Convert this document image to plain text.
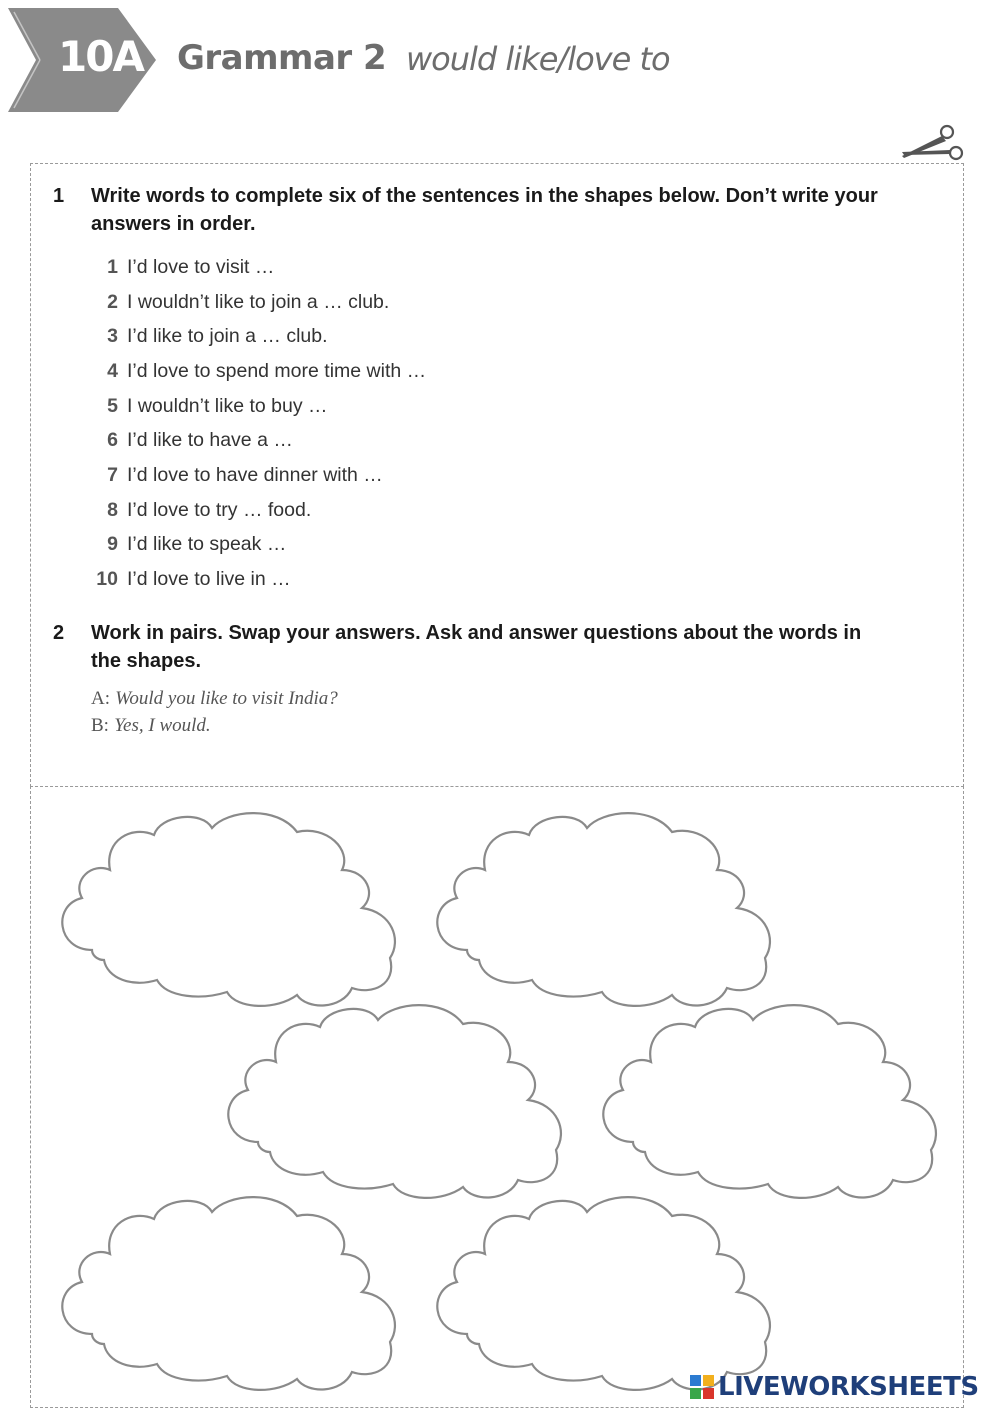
10A Grammar 2 would like/love to
1 Write words to complete six of the sentences in the shapes below. Don’t write your answers in order.
1 I’d love to visit …
2 I wouldn’t like to join a … club.
3 I’d like to join a … club.
4 I’d love to spend more time with …
5 I wouldn’t like to buy …
6 I’d like to have a …
7 I’d love to have dinner with …
8 I’d love to try … food.
9 I’d like to speak …
10 I’d love to live in …
2 Work in pairs. Swap your answers. Ask and answer questions about the words in the shapes.
A: Would you like to visit India?
B: Yes, I would.
LIVEWORKSHEETS
